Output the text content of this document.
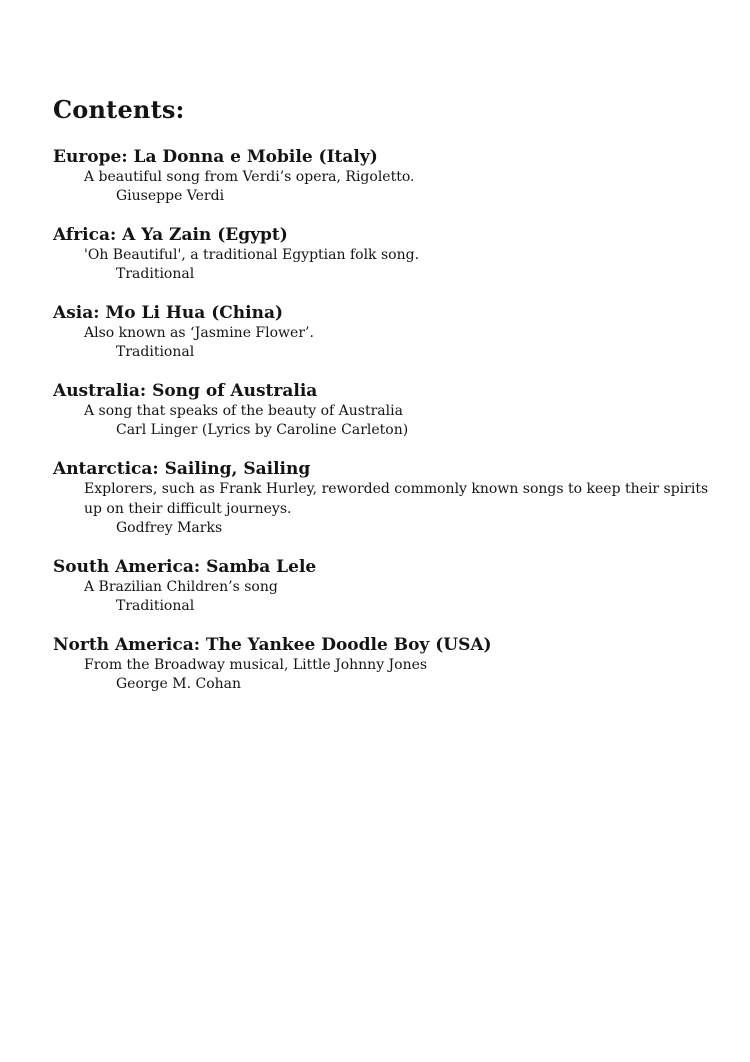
Contents:

Europe: La Donna e Mobile (Italy)

A beautiful song from Verdi’s opera, Rigoletto.

Giuseppe Verdi

Africa: A Ya Zain (Egypt)

'Oh Beautiful', a traditional Egyptian folk song.

Traditional

Asia: Mo Li Hua (China)

Also known as ‘Jasmine Flower’.

Traditional

Australia: Song of Australia

A song that speaks of the beauty of Australia

Carl Linger (Lyrics by Caroline Carleton)

Antarctica: Sailing, Sailing

Explorers, such as Frank Hurley, reworded commonly known songs to keep their spirits up on their difficult journeys.

Godfrey Marks

South America: Samba Lele

A Brazilian Children’s song

Traditional

North America: The Yankee Doodle Boy (USA)

From the Broadway musical, Little Johnny Jones

George M. Cohan
